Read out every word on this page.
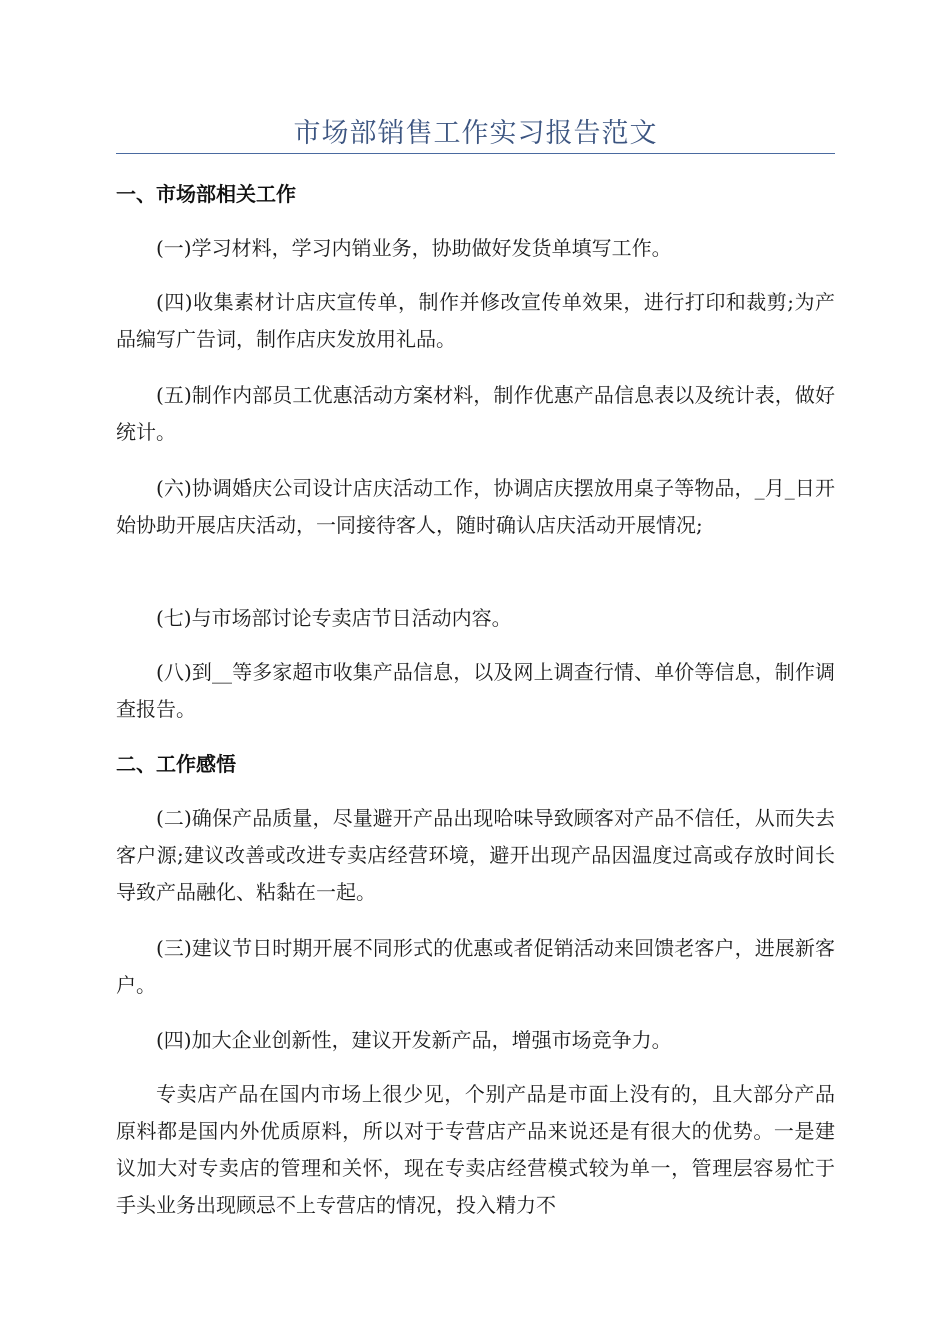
市场部销售工作实习报告范文
一、市场部相关工作

(一)学习材料，学习内销业务，协助做好发货单填写工作。

(四)收集素材计店庆宣传单，制作并修改宣传单效果，进行打印和裁剪;为产品编写广告词，制作店庆发放用礼品。

(五)制作内部员工优惠活动方案材料，制作优惠产品信息表以及统计表，做好统计。

(六)协调婚庆公司设计店庆活动工作，协调店庆摆放用桌子等物品，_月_日开始协助开展店庆活动，一同接待客人，随时确认店庆活动开展情况;

(七)与市场部讨论专卖店节日活动内容。

(八)到__等多家超市收集产品信息，以及网上调查行情、单价等信息，制作调查报告。

二、工作感悟

(二)确保产品质量，尽量避开产品出现哈味导致顾客对产品不信任，从而失去客户源;建议改善或改进专卖店经营环境，避开出现产品因温度过高或存放时间长导致产品融化、粘黏在一起。

(三)建议节日时期开展不同形式的优惠或者促销活动来回馈老客户，进展新客户。

(四)加大企业创新性，建议开发新产品，增强市场竞争力。

专卖店产品在国内市场上很少见，个别产品是市面上没有的，且大部分产品原料都是国内外优质原料，所以对于专营店产品来说还是有很大的优势。一是建议加大对专卖店的管理和关怀，现在专卖店经营模式较为单一，管理层容易忙于手头业务出现顾忌不上专营店的情况，投入精力不
